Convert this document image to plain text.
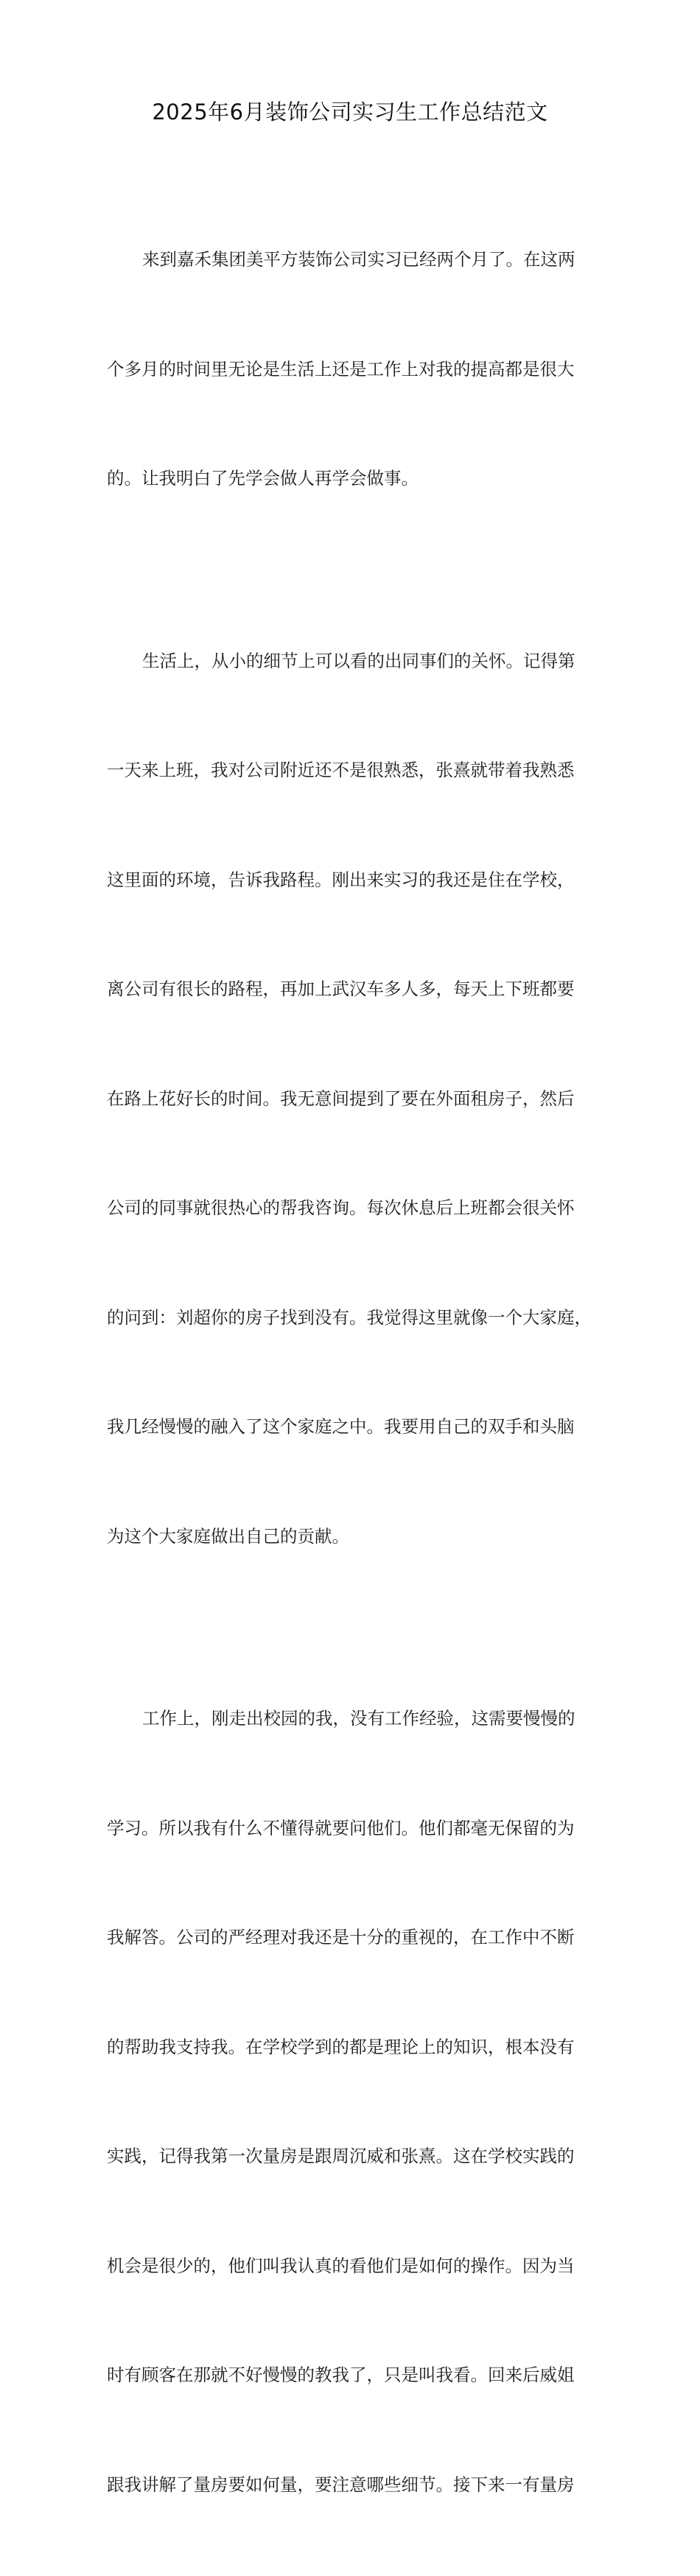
2025年6月装饰公司实习生工作总结范文

来到嘉禾集团美平方装饰公司实习已经两个月了。在这两

个多月的时间里无论是生活上还是工作上对我的提高都是很大

的。让我明白了先学会做人再学会做事。

生活上，从小的细节上可以看的出同事们的关怀。记得第

一天来上班，我对公司附近还不是很熟悉，张熹就带着我熟悉

这里面的环境，告诉我路程。刚出来实习的我还是住在学校，

离公司有很长的路程，再加上武汉车多人多，每天上下班都要

在路上花好长的时间。我无意间提到了要在外面租房子，然后

公司的同事就很热心的帮我咨询。每次休息后上班都会很关怀

的问到：刘超你的房子找到没有。我觉得这里就像一个大家庭，

我几经慢慢的融入了这个家庭之中。我要用自己的双手和头脑

为这个大家庭做出自己的贡献。

工作上，刚走出校园的我，没有工作经验，这需要慢慢的

学习。所以我有什么不懂得就要问他们。他们都毫无保留的为

我解答。公司的严经理对我还是十分的重视的，在工作中不断

的帮助我支持我。在学校学到的都是理论上的知识，根本没有

实践，记得我第一次量房是跟周沉威和张熹。这在学校实践的

机会是很少的，他们叫我认真的看他们是如何的操作。因为当

时有顾客在那就不好慢慢的教我了，只是叫我看。回来后威姐

跟我讲解了量房要如何量，要注意哪些细节。接下来一有量房
